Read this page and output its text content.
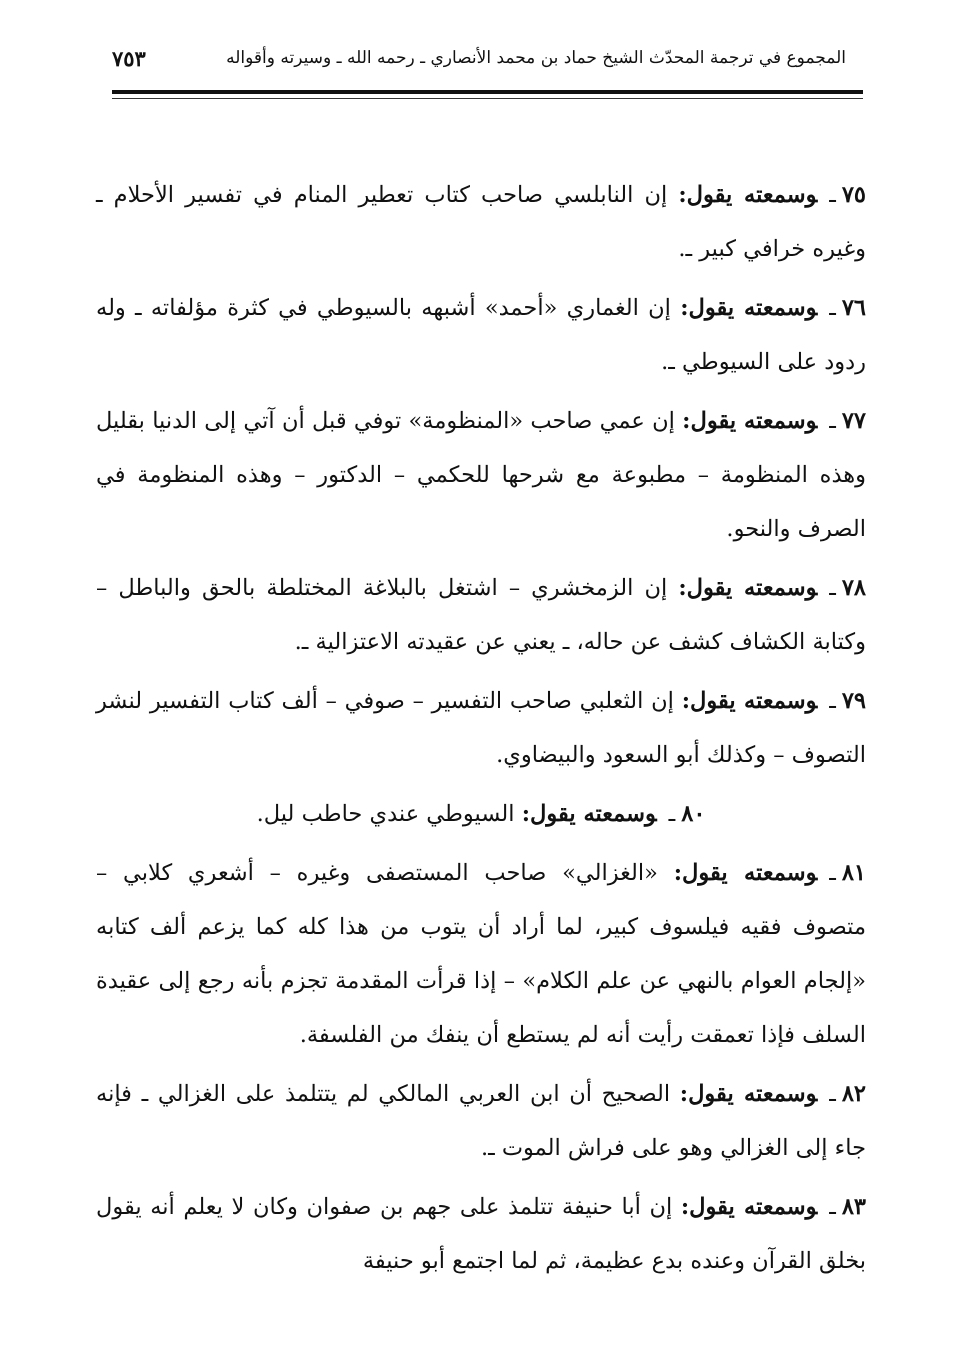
المجموع في ترجمة المحدّث الشيخ حماد بن محمد الأنصاري ـ رحمه الله ـ وسيرته وأقواله
٧٥٣

٧٥ـوسمعته يقول: إن النابلسي صاحب كتاب تعطير المنام في تفسير الأحلام ـ وغيره خرافي كبير ـ.

٧٦ـوسمعته يقول: إن الغماري «أحمد» أشبهه بالسيوطي في كثرة مؤلفاته ـ وله ردود على السيوطي ـ.

٧٧ـوسمعته يقول: إن عمي صاحب «المنظومة» توفي قبل أن آتي إلى الدنيا بقليل وهذه المنظومة – مطبوعة مع شرحها للحكمي – الدكتور – وهذه المنظومة في الصرف والنحو.

٧٨ـوسمعته يقول: إن الزمخشري – اشتغل بالبلاغة المختلطة بالحق والباطل – وكتابة الكشاف كشف عن حاله، ـ يعني عن عقيدته الاعتزالية ـ.

٧٩ـوسمعته يقول: إن الثعلبي صاحب التفسير – صوفي – ألف كتاب التفسير لنشر التصوف – وكذلك أبو السعود والبيضاوي.

٨٠ـوسمعته يقول: السيوطي عندي حاطب ليل.

٨١ـوسمعته يقول: «الغزالي» صاحب المستصفى وغيره – أشعري كلابي – متصوف فقيه فيلسوف كبير، لما أراد أن يتوب من هذا كله كما يزعم ألف كتابه «إلجام العوام بالنهي عن علم الكلام» – إذا قرأت المقدمة تجزم بأنه رجع إلى عقيدة السلف فإذا تعمقت رأيت أنه لم يستطع أن ينفك من الفلسفة.

٨٢ـوسمعته يقول: الصحيح أن ابن العربي المالكي لم يتتلمذ على الغزالي ـ فإنه جاء إلى الغزالي وهو على فراش الموت ـ.

٨٣ـوسمعته يقول: إن أبا حنيفة تتلمذ على جهم بن صفوان وكان لا يعلم أنه يقول بخلق القرآن وعنده بدع عظيمة، ثم لما اجتمع أبو حنيفة
